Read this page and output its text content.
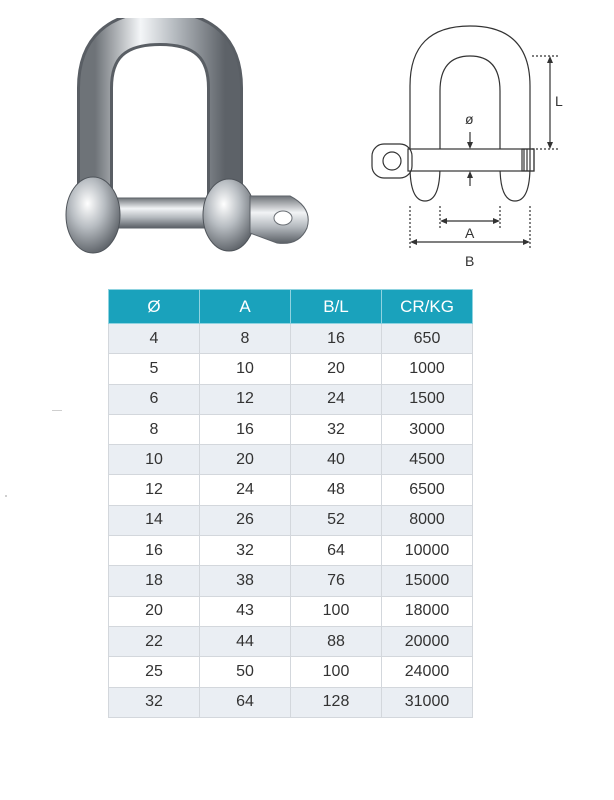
ø
L
A
B
Ø	A	B/L	CR/KG
4	8	16	650
5	10	20	1000
6	12	24	1500
8	16	32	3000
10	20	40	4500
12	24	48	6500
14	26	52	8000
16	32	64	10000
18	38	76	15000
20	43	100	18000
22	44	88	20000
25	50	100	24000
32	64	128	31000
